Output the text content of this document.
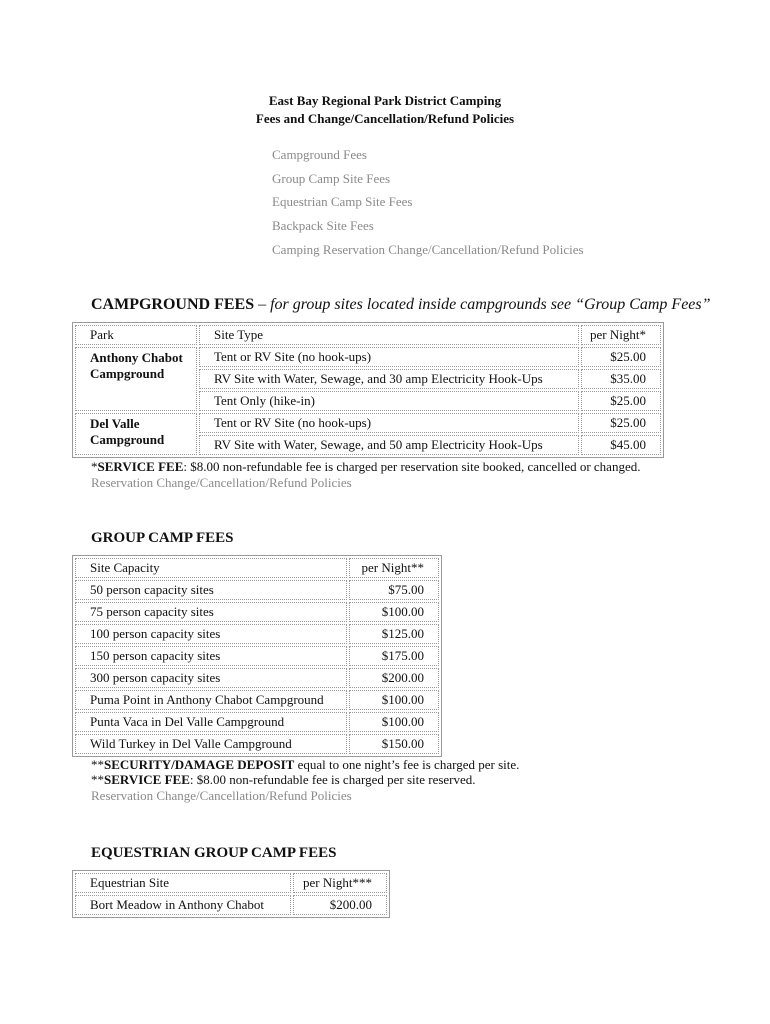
East Bay Regional Park District Camping
Fees and Change/Cancellation/Refund Policies
Campground Fees
Group Camp Site Fees
Equestrian Camp Site Fees
Backpack Site Fees
Camping Reservation Change/Cancellation/Refund Policies
CAMPGROUND FEES – for group sites located inside campgrounds see “Group Camp Fees”
Park	Site Type	per Night*
Anthony Chabot Campground	Tent or RV Site (no hook-ups)	$25.00
	RV Site with Water, Sewage, and 30 amp Electricity Hook-Ups	$35.00
	Tent Only (hike-in)	$25.00
Del Valle Campground	Tent or RV Site (no hook-ups)	$25.00
	RV Site with Water, Sewage, and 50 amp Electricity Hook-Ups	$45.00
*SERVICE FEE: $8.00 non-refundable fee is charged per reservation site booked, cancelled or changed.
Reservation Change/Cancellation/Refund Policies
GROUP CAMP FEES
Site Capacity	per Night**
50 person capacity sites	$75.00
75 person capacity sites	$100.00
100 person capacity sites	$125.00
150 person capacity sites	$175.00
300 person capacity sites	$200.00
Puma Point in Anthony Chabot Campground	$100.00
Punta Vaca in Del Valle Campground	$100.00
Wild Turkey in Del Valle Campground	$150.00
**SECURITY/DAMAGE DEPOSIT equal to one night’s fee is charged per site.
**SERVICE FEE: $8.00 non-refundable fee is charged per site reserved.
Reservation Change/Cancellation/Refund Policies
EQUESTRIAN GROUP CAMP FEES
Equestrian Site	per Night***
Bort Meadow in Anthony Chabot	$200.00
